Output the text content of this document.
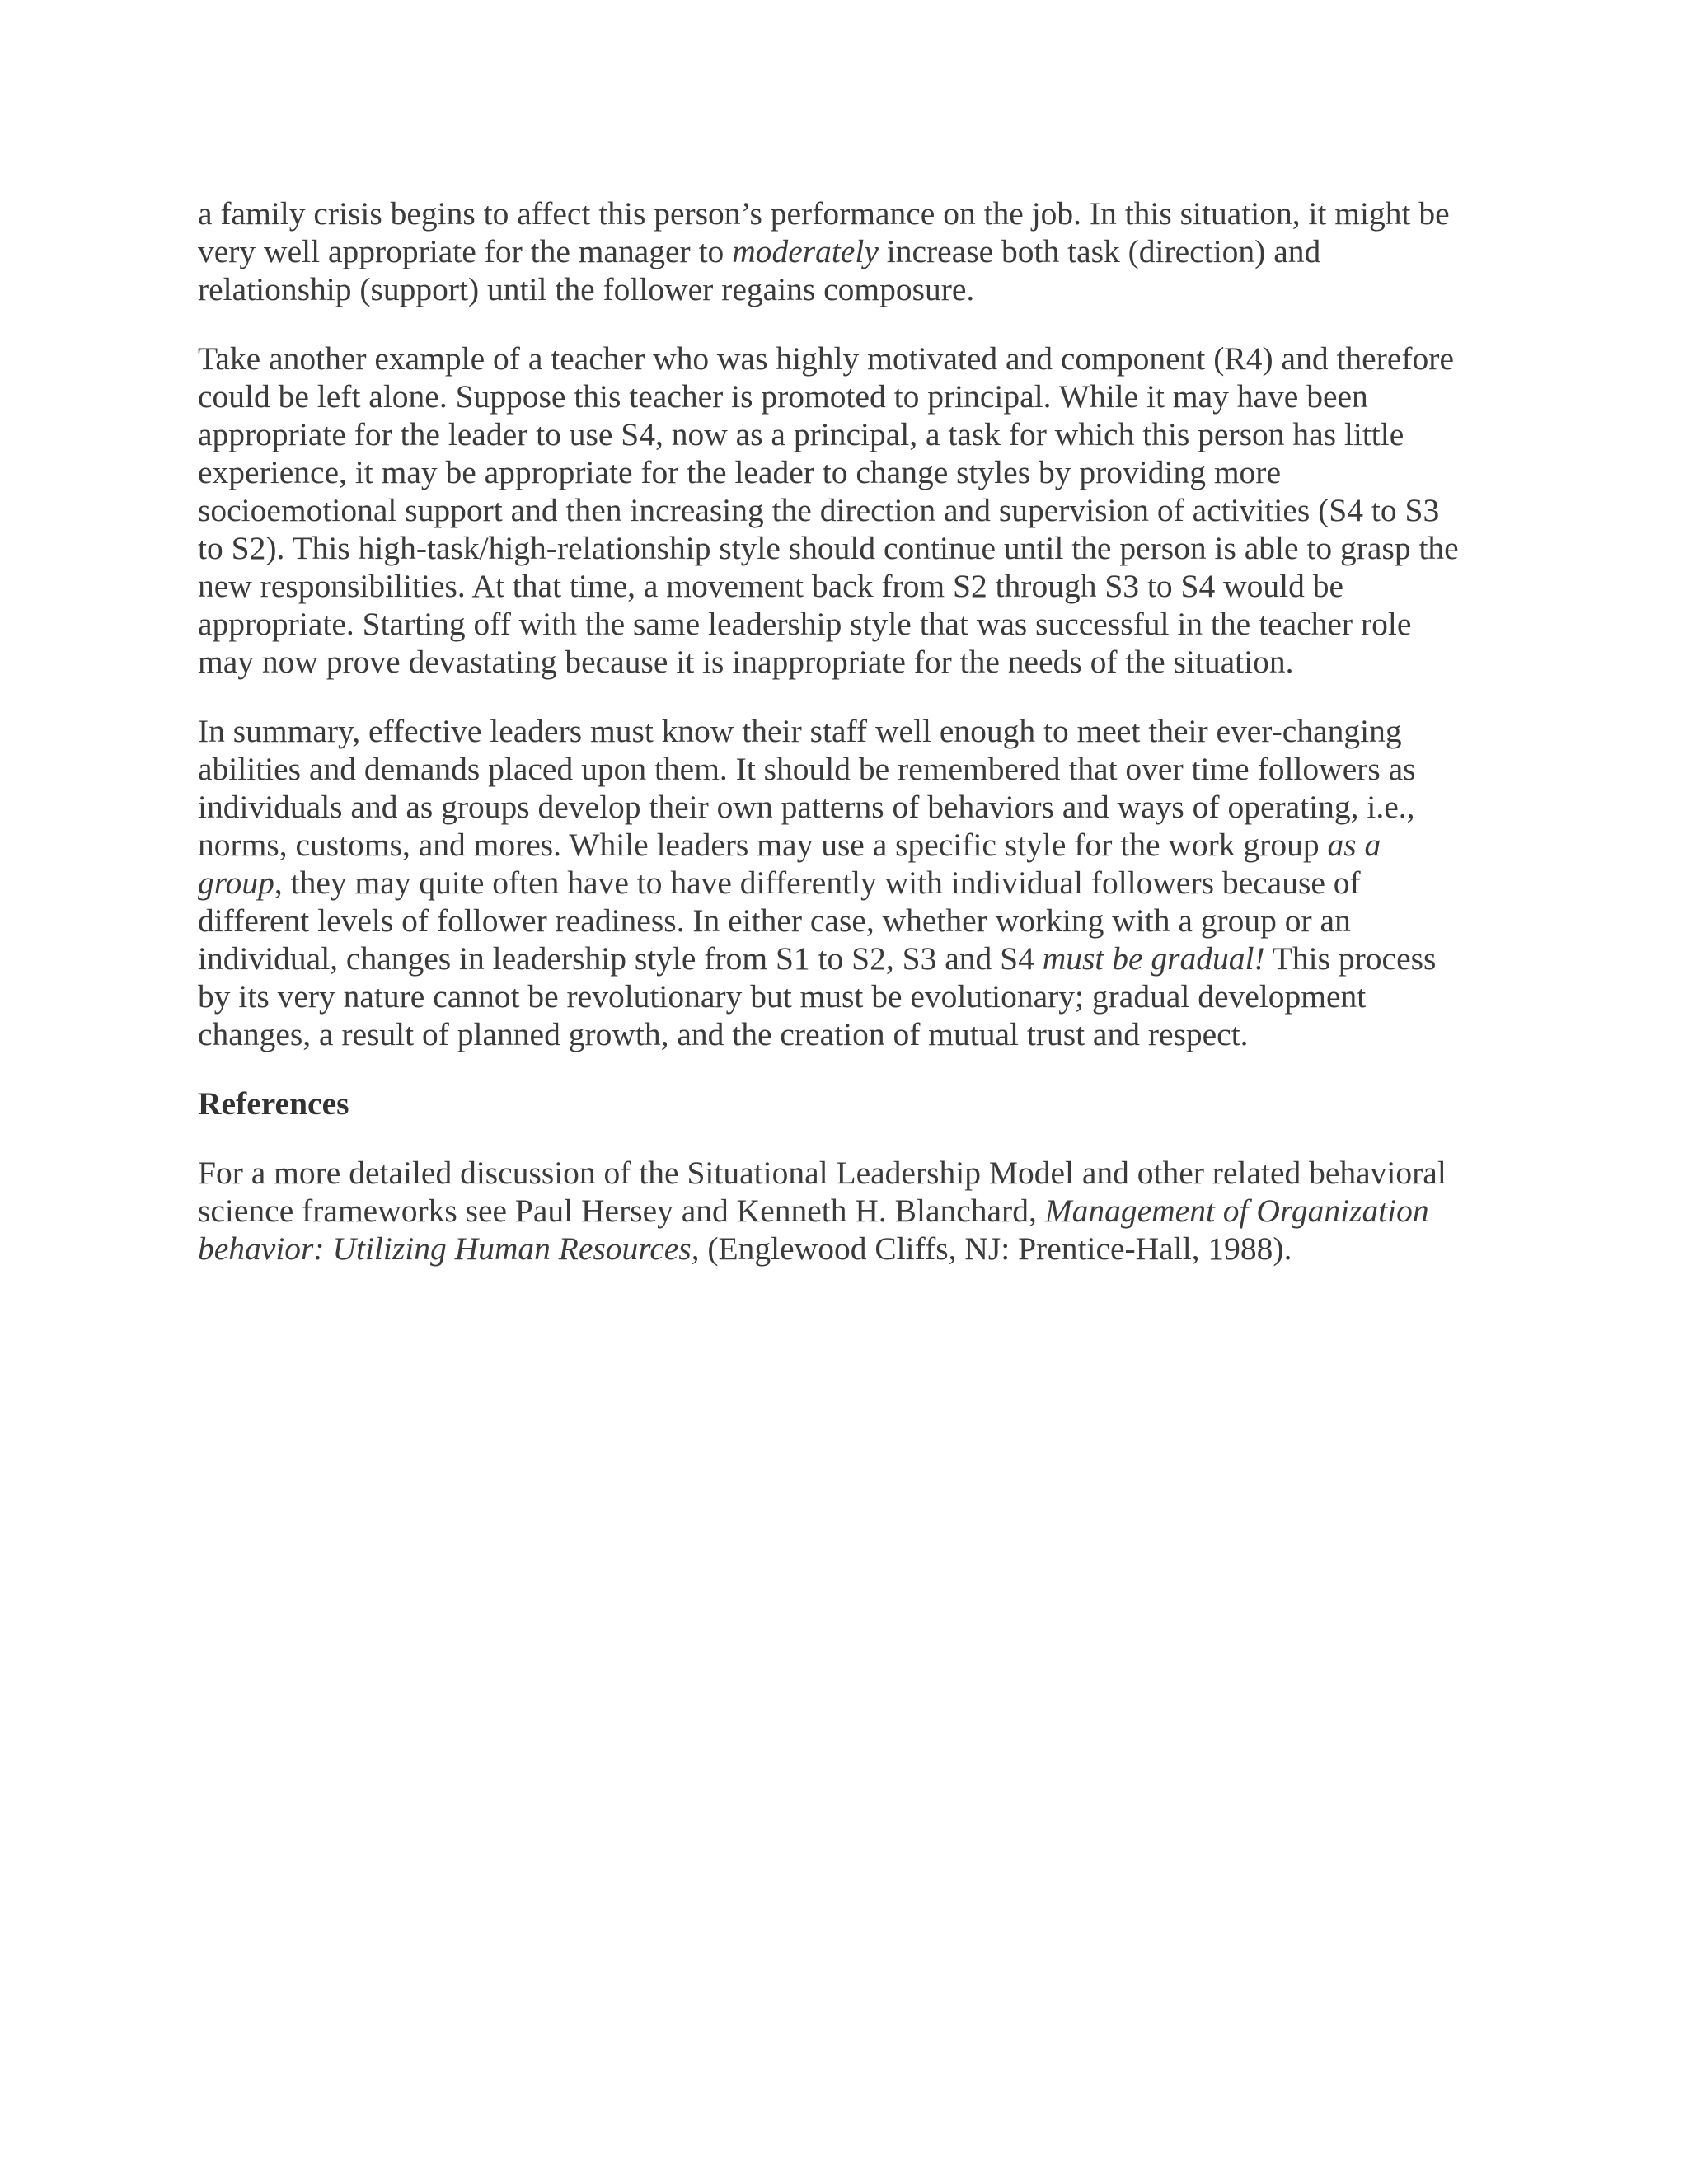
a family crisis begins to affect this person’s performance on the job. In this situation, it might be
very well appropriate for the manager to moderately increase both task (direction) and
relationship (support) until the follower regains composure.

Take another example of a teacher who was highly motivated and component (R4) and therefore
could be left alone. Suppose this teacher is promoted to principal. While it may have been
appropriate for the leader to use S4, now as a principal, a task for which this person has little
experience, it may be appropriate for the leader to change styles by providing more
socioemotional support and then increasing the direction and supervision of activities (S4 to S3
to S2). This high-task/high-relationship style should continue until the person is able to grasp the
new responsibilities. At that time, a movement back from S2 through S3 to S4 would be
appropriate. Starting off with the same leadership style that was successful in the teacher role
may now prove devastating because it is inappropriate for the needs of the situation.

In summary, effective leaders must know their staff well enough to meet their ever-changing
abilities and demands placed upon them. It should be remembered that over time followers as
individuals and as groups develop their own patterns of behaviors and ways of operating, i.e.,
norms, customs, and mores. While leaders may use a specific style for the work group as a
group, they may quite often have to have differently with individual followers because of
different levels of follower readiness. In either case, whether working with a group or an
individual, changes in leadership style from S1 to S2, S3 and S4 must be gradual! This process
by its very nature cannot be revolutionary but must be evolutionary; gradual development
changes, a result of planned growth, and the creation of mutual trust and respect.

References

For a more detailed discussion of the Situational Leadership Model and other related behavioral
science frameworks see Paul Hersey and Kenneth H. Blanchard, Management of Organization
behavior: Utilizing Human Resources, (Englewood Cliffs, NJ: Prentice-Hall, 1988).
